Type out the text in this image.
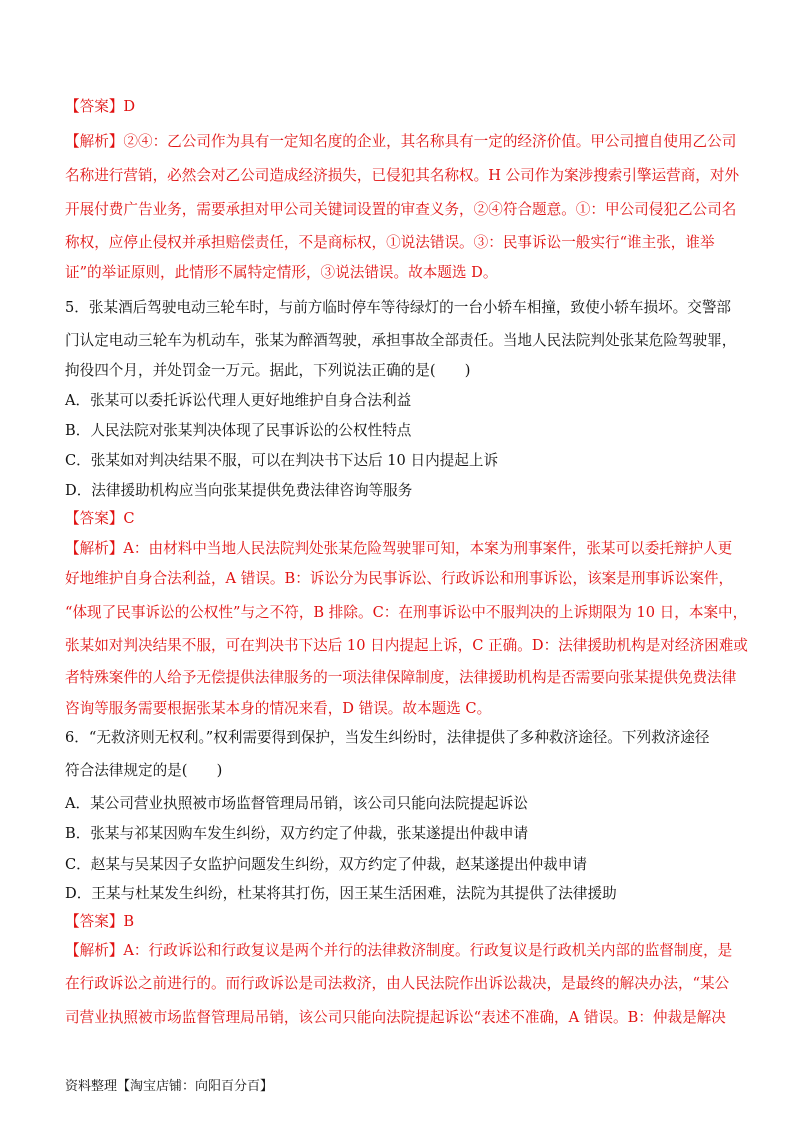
【答案】D
【解析】②④：乙公司作为具有一定知名度的企业，其名称具有一定的经济价值。甲公司擅自使用乙公司
名称进行营销，必然会对乙公司造成经济损失，已侵犯其名称权。H 公司作为案涉搜索引擎运营商，对外
开展付费广告业务，需要承担对甲公司关键词设置的审查义务，②④符合题意。①：甲公司侵犯乙公司名
称权，应停止侵权并承担赔偿责任，不是商标权，①说法错误。③：民事诉讼一般实行“谁主张，谁举
证”的举证原则，此情形不属特定情形，③说法错误。故本题选 D。
5．张某酒后驾驶电动三轮车时，与前方临时停车等待绿灯的一台小轿车相撞，致使小轿车损坏。交警部
门认定电动三轮车为机动车，张某为醉酒驾驶，承担事故全部责任。当地人民法院判处张某危险驾驶罪，
拘役四个月，并处罚金一万元。据此，下列说法正确的是(　　)
A．张某可以委托诉讼代理人更好地维护自身合法利益
B．人民法院对张某判决体现了民事诉讼的公权性特点
C．张某如对判决结果不服，可以在判决书下达后 10 日内提起上诉
D．法律援助机构应当向张某提供免费法律咨询等服务
【答案】C
【解析】A：由材料中当地人民法院判处张某危险驾驶罪可知，本案为刑事案件，张某可以委托辩护人更
好地维护自身合法利益，A 错误。B：诉讼分为民事诉讼、行政诉讼和刑事诉讼，该案是刑事诉讼案件，
“体现了民事诉讼的公权性”与之不符，B 排除。C：在刑事诉讼中不服判决的上诉期限为 10 日，本案中，
张某如对判决结果不服，可在判决书下达后 10 日内提起上诉，C 正确。D：法律援助机构是对经济困难或
者特殊案件的人给予无偿提供法律服务的一项法律保障制度，法律援助机构是否需要向张某提供免费法律
咨询等服务需要根据张某本身的情况来看，D 错误。故本题选 C。
6．“无救济则无权利。”权利需要得到保护，当发生纠纷时，法律提供了多种救济途径。下列救济途径
符合法律规定的是(　　)
A．某公司营业执照被市场监督管理局吊销，该公司只能向法院提起诉讼
B．张某与祁某因购车发生纠纷，双方约定了仲裁，张某遂提出仲裁申请
C．赵某与吴某因子女监护问题发生纠纷，双方约定了仲裁，赵某遂提出仲裁申请
D．王某与杜某发生纠纷，杜某将其打伤，因王某生活困难，法院为其提供了法律援助
【答案】B
【解析】A：行政诉讼和行政复议是两个并行的法律救济制度。行政复议是行政机关内部的监督制度，是
在行政诉讼之前进行的。而行政诉讼是司法救济，由人民法院作出诉讼裁决，是最终的解决办法，“某公
司营业执照被市场监督管理局吊销，该公司只能向法院提起诉讼“表述不准确，A 错误。B：仲裁是解决
资料整理【淘宝店铺：向阳百分百】
